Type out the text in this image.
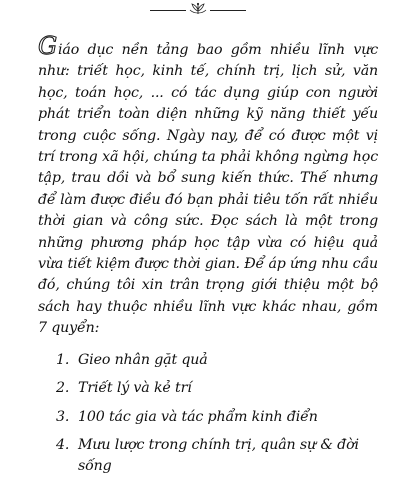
Giáo dục nền tảng bao gồm nhiều lĩnh vực như: triết học, kinh tế, chính trị, lịch sử, văn học, toán học, ... có tác dụng giúp con người phát triển toàn diện những kỹ năng thiết yếu trong cuộc sống. Ngày nay, để có được một vị trí trong xã hội, chúng ta phải không ngừng học tập, trau dồi và bổ sung kiến thức. Thế nhưng để làm được điều đó bạn phải tiêu tốn rất nhiều thời gian và công sức. Đọc sách là một trong những phương pháp học tập vừa có hiệu quả vừa tiết kiệm được thời gian. Để áp ứng nhu cầu đó, chúng tôi xin trân trọng giới thiệu một bộ sách hay thuộc nhiều lĩnh vực khác nhau, gồm 7 quyển:

1. Gieo nhân gặt quả
2. Triết lý và kẻ trí
3. 100 tác gia và tác phẩm kinh điển
4. Mưu lược trong chính trị, quân sự & đời sống
